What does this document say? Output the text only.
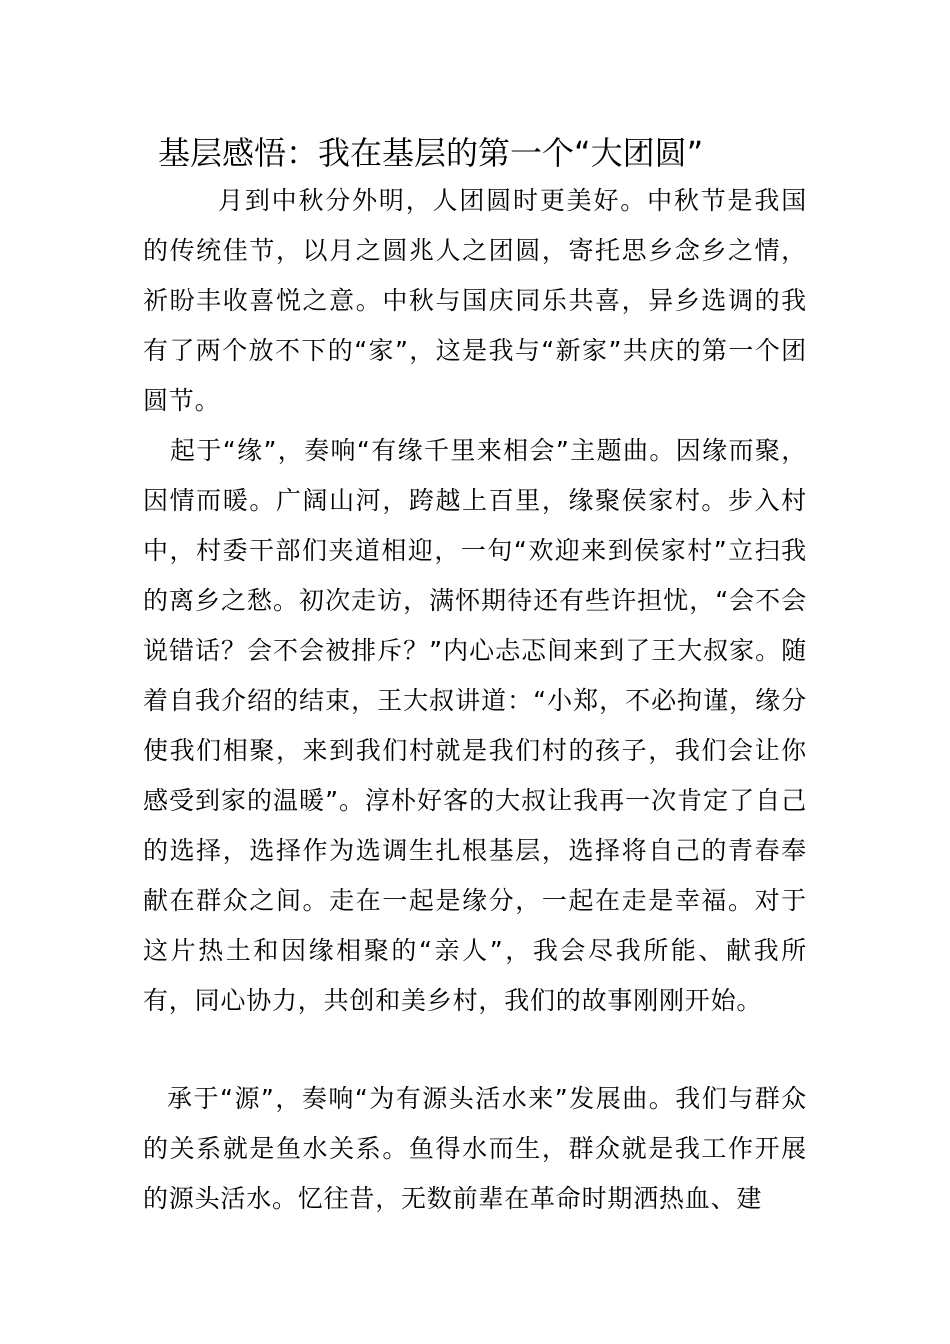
基层感悟：我在基层的第一个“大团圆”

月到中秋分外明，人团圆时更美好。中秋节是我国的传统佳节，以月之圆兆人之团圆，寄托思乡念乡之情，祈盼丰收喜悦之意。中秋与国庆同乐共喜，异乡选调的我有了两个放不下的“家”，这是我与“新家”共庆的第一个团圆节。

起于“缘”，奏响“有缘千里来相会”主题曲。因缘而聚，因情而暖。广阔山河，跨越上百里，缘聚侯家村。步入村中，村委干部们夹道相迎，一句“欢迎来到侯家村”立扫我的离乡之愁。初次走访，满怀期待还有些许担忧，“会不会说错话？会不会被排斥？”内心忐忑间来到了王大叔家。随着自我介绍的结束，王大叔讲道：“小郑，不必拘谨，缘分使我们相聚，来到我们村就是我们村的孩子，我们会让你感受到家的温暖”。淳朴好客的大叔让我再一次肯定了自己的选择，选择作为选调生扎根基层，选择将自己的青春奉献在群众之间。走在一起是缘分，一起在走是幸福。对于这片热土和因缘相聚的“亲人”，我会尽我所能、献我所有，同心协力，共创和美乡村，我们的故事刚刚开始。

承于“源”，奏响“为有源头活水来”发展曲。我们与群众的关系就是鱼水关系。鱼得水而生，群众就是我工作开展的源头活水。忆往昔，无数前辈在革命时期洒热血、建
